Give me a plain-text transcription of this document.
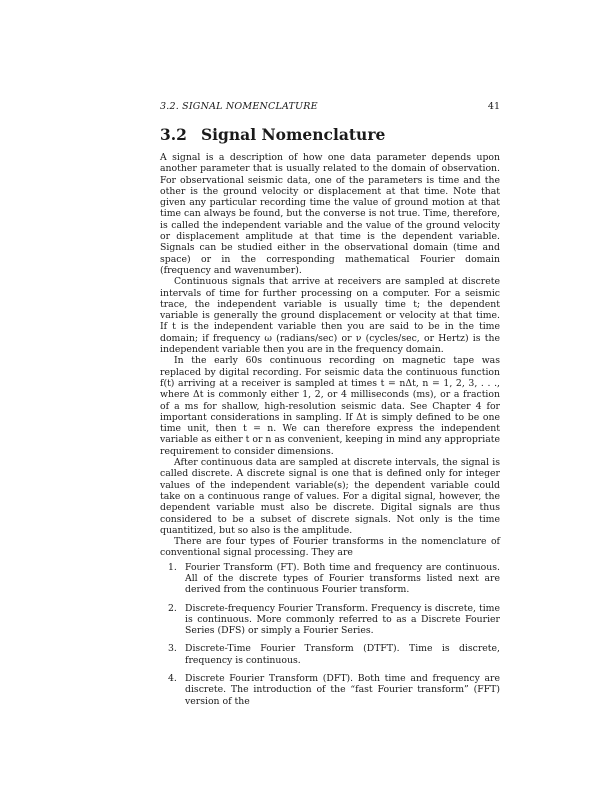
3.2. SIGNAL NOMENCLATURE	41
3.2 Signal Nomenclature

A signal is a description of how one data parameter depends upon another parameter that is usually related to the domain of observation. For observational seismic data, one of the parameters is time and the other is the ground velocity or displacement at that time. Note that given any particular recording time the value of ground motion at that time can always be found, but the converse is not true. Time, therefore, is called the independent variable and the value of the ground velocity or displacement amplitude at that time is the dependent variable. Signals can be studied either in the observational domain (time and space) or in the corresponding mathematical Fourier domain (frequency and wavenumber).

Continuous signals that arrive at receivers are sampled at discrete intervals of time for further processing on a computer. For a seismic trace, the independent variable is usually time t; the dependent variable is generally the ground displacement or velocity at that time. If t is the independent variable then you are said to be in the time domain; if frequency ω (radians/sec) or ν (cycles/sec, or Hertz) is the independent variable then you are in the frequency domain.

In the early 60s continuous recording on magnetic tape was replaced by digital recording. For seismic data the continuous function f(t) arriving at a receiver is sampled at times t = nΔt, n = 1, 2, 3, . . ., where Δt is commonly either 1, 2, or 4 milliseconds (ms), or a fraction of a ms for shallow, high-resolution seismic data. See Chapter 4 for important considerations in sampling. If Δt is simply defined to be one time unit, then t = n. We can therefore express the independent variable as either t or n as convenient, keeping in mind any appropriate requirement to consider dimensions.

After continuous data are sampled at discrete intervals, the signal is called discrete. A discrete signal is one that is defined only for integer values of the independent variable(s); the dependent variable could take on a continuous range of values. For a digital signal, however, the dependent variable must also be discrete. Digital signals are thus considered to be a subset of discrete signals. Not only is the time quantitized, but so also is the amplitude.

There are four types of Fourier transforms in the nomenclature of conventional signal processing. They are

1. Fourier Transform (FT). Both time and frequency are continuous. All of the discrete types of Fourier transforms listed next are derived from the continuous Fourier transform.
2. Discrete-frequency Fourier Transform. Frequency is discrete, time is continuous. More commonly referred to as a Discrete Fourier Series (DFS) or simply a Fourier Series.
3. Discrete-Time Fourier Transform (DTFT). Time is discrete, frequency is continuous.
4. Discrete Fourier Transform (DFT). Both time and frequency are discrete. The introduction of the “fast Fourier transform” (FFT) version of the
